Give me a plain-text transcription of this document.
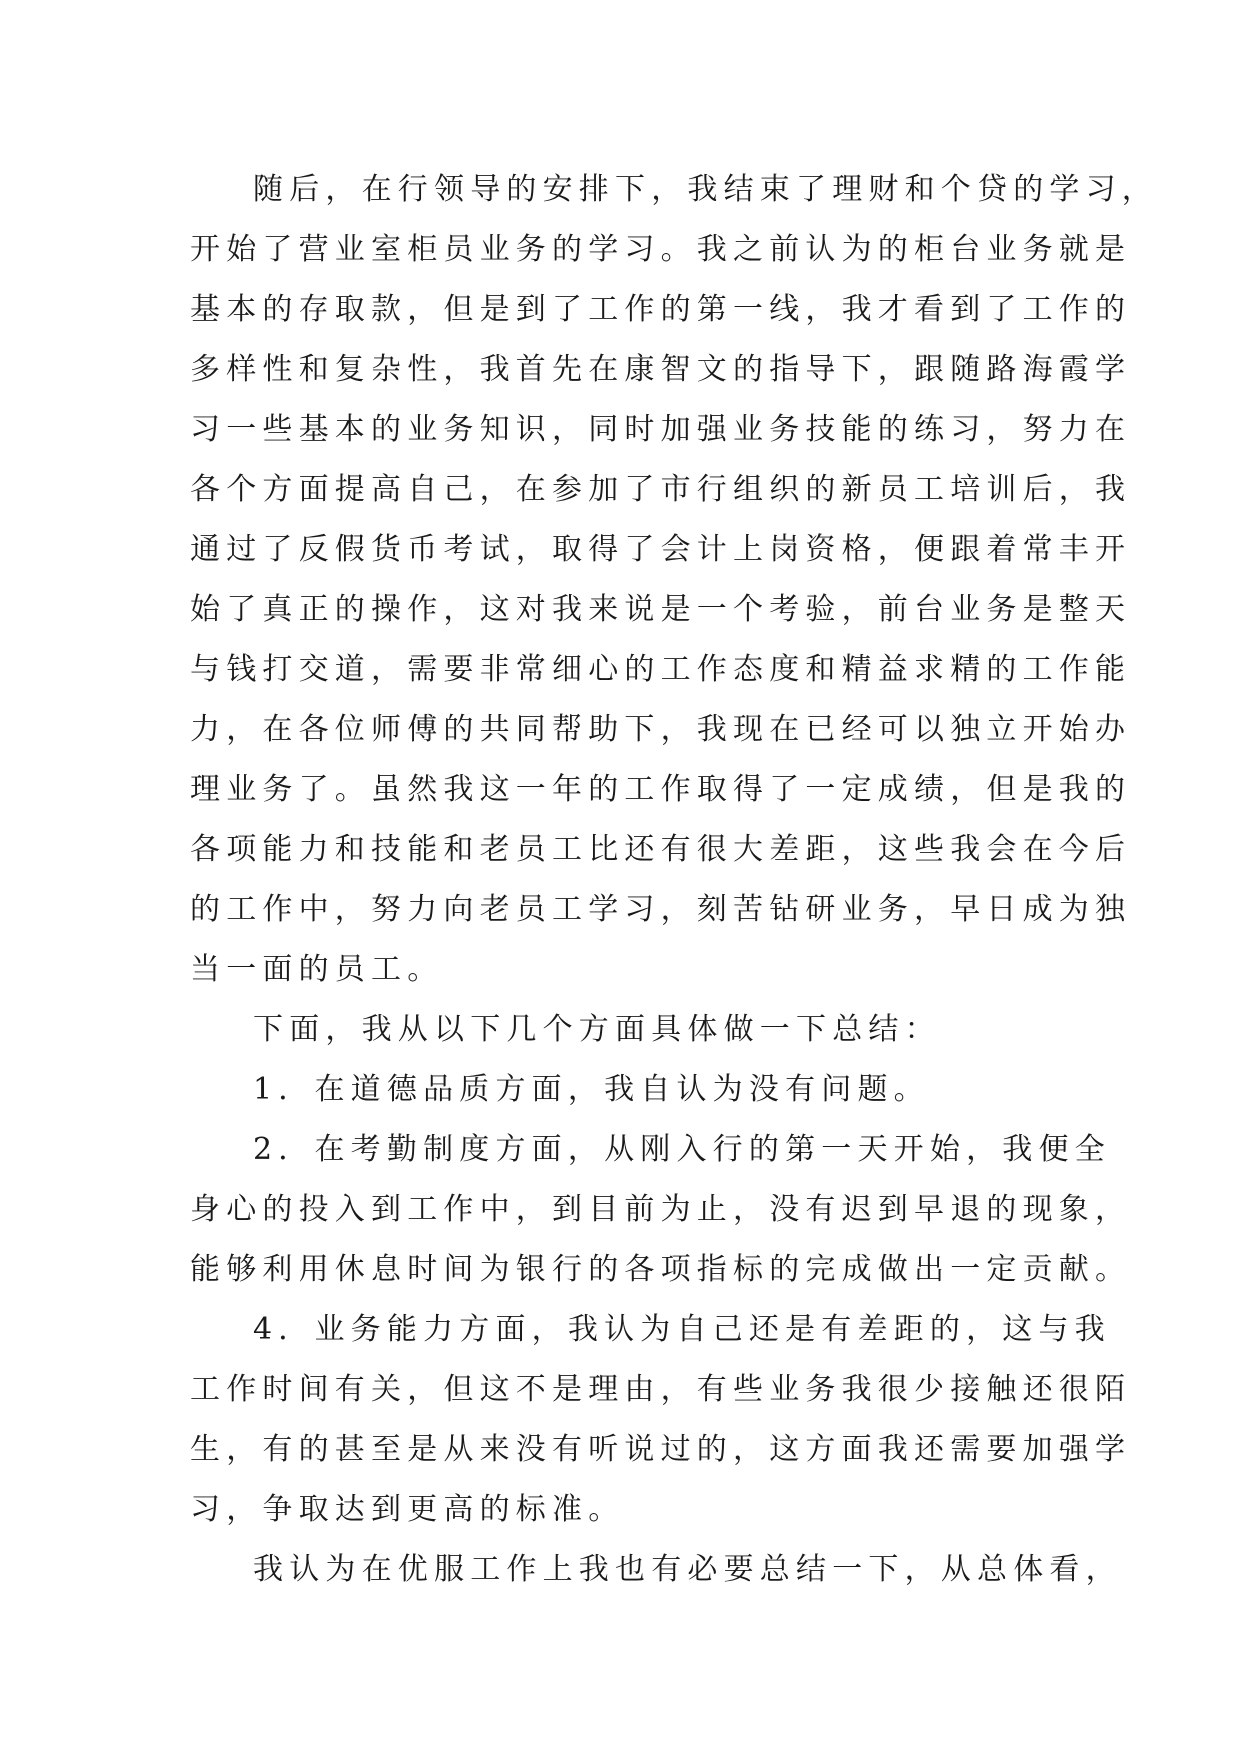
随后，在行领导的安排下，我结束了理财和个贷的学习，
开始了营业室柜员业务的学习。我之前认为的柜台业务就是
基本的存取款，但是到了工作的第一线，我才看到了工作的
多样性和复杂性，我首先在康智文的指导下，跟随路海霞学
习一些基本的业务知识，同时加强业务技能的练习，努力在
各个方面提高自己，在参加了市行组织的新员工培训后，我
通过了反假货币考试，取得了会计上岗资格，便跟着常丰开
始了真正的操作，这对我来说是一个考验，前台业务是整天
与钱打交道，需要非常细心的工作态度和精益求精的工作能
力，在各位师傅的共同帮助下，我现在已经可以独立开始办
理业务了。虽然我这一年的工作取得了一定成绩，但是我的
各项能力和技能和老员工比还有很大差距，这些我会在今后
的工作中，努力向老员工学习，刻苦钻研业务，早日成为独
当一面的员工。
下面，我从以下几个方面具体做一下总结：
1．在道德品质方面，我自认为没有问题。
2．在考勤制度方面，从刚入行的第一天开始，我便全
身心的投入到工作中，到目前为止，没有迟到早退的现象，
能够利用休息时间为银行的各项指标的完成做出一定贡献。
4．业务能力方面，我认为自己还是有差距的，这与我
工作时间有关，但这不是理由，有些业务我很少接触还很陌
生，有的甚至是从来没有听说过的，这方面我还需要加强学
习，争取达到更高的标准。
我认为在优服工作上我也有必要总结一下，从总体看，
